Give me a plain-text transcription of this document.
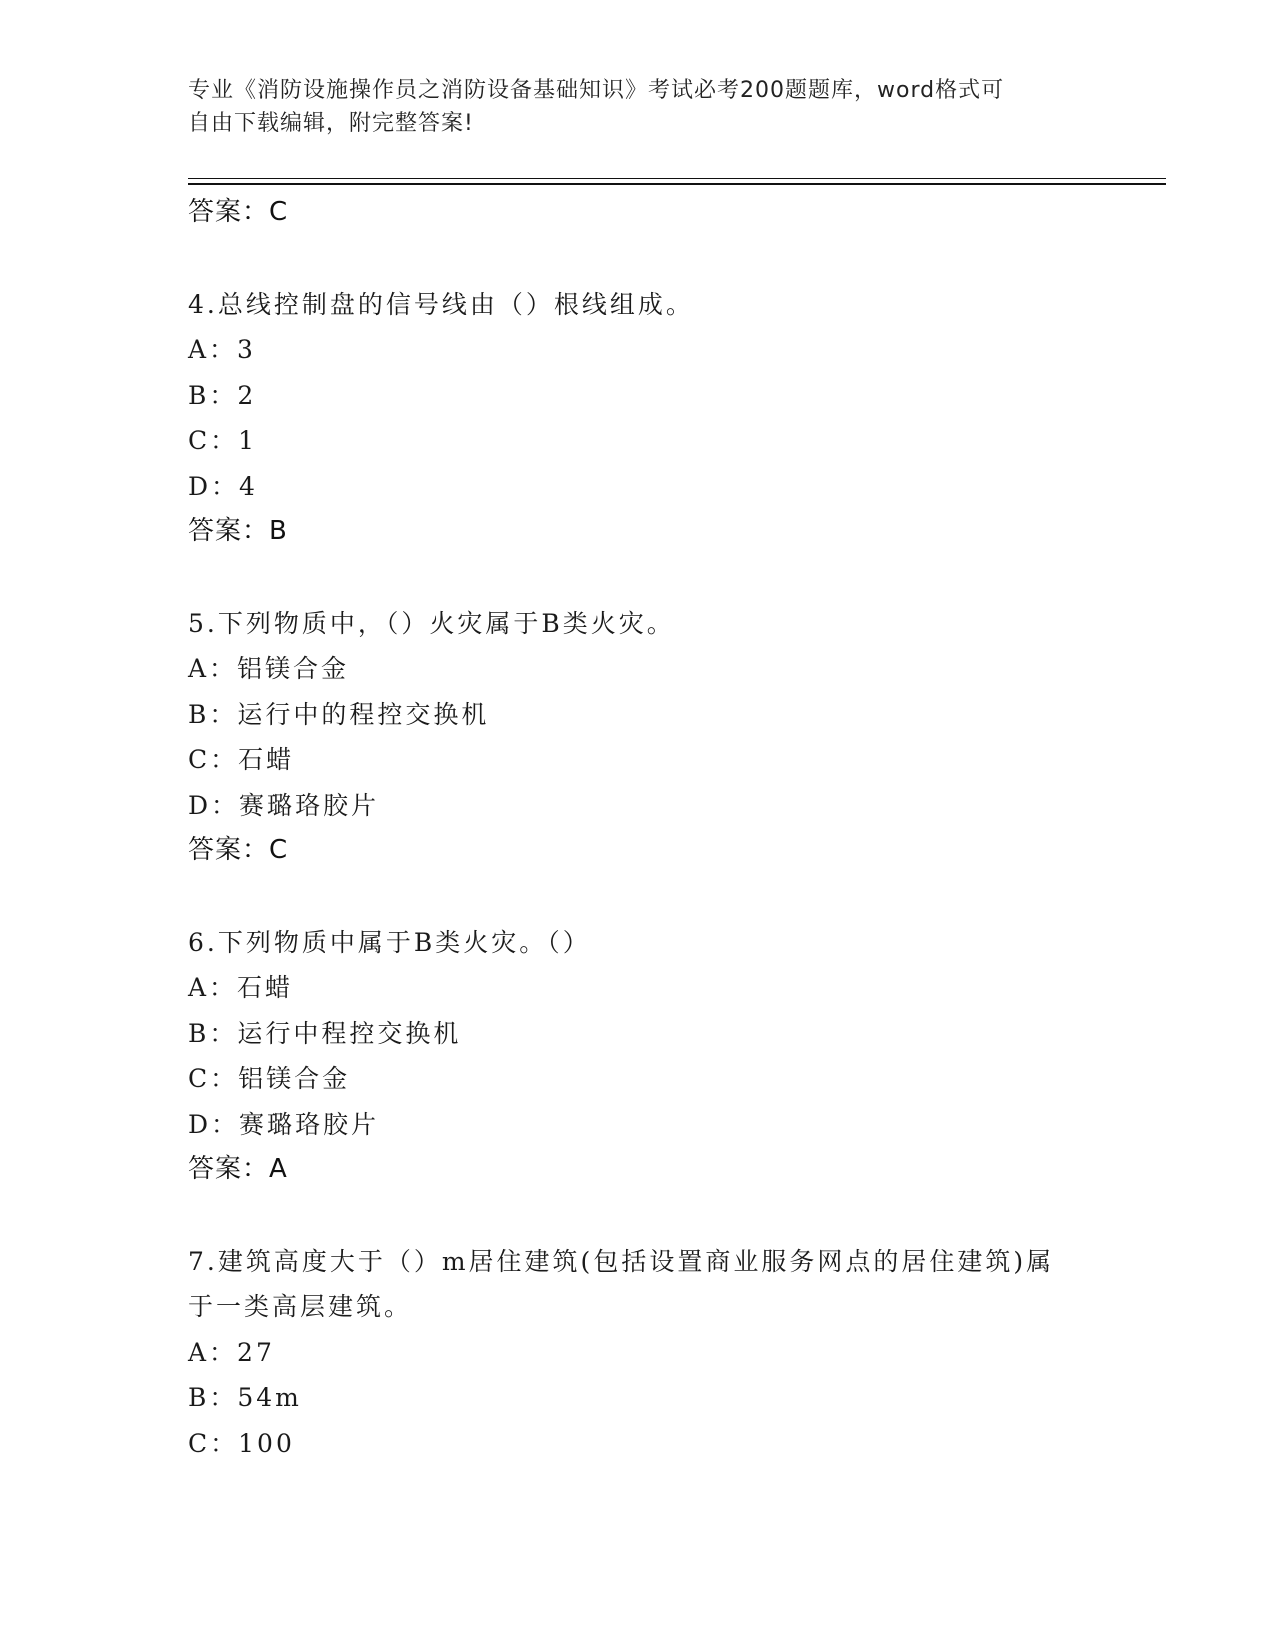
专业《消防设施操作员之消防设备基础知识》考试必考200题题库，word格式可
自由下载编辑，附完整答案!
答案：C
4.总线控制盘的信号线由（）根线组成。
A：3
B：2
C：1
D：4
答案：B
5.下列物质中，（）火灾属于B类火灾。
A：铝镁合金
B：运行中的程控交换机
C：石蜡
D：赛璐珞胶片
答案：C
6.下列物质中属于B类火灾。（）
A：石蜡
B：运行中程控交换机
C：铝镁合金
D：赛璐珞胶片
答案：A
7.建筑高度大于（）m居住建筑(包括设置商业服务网点的居住建筑)属
于一类高层建筑。
A：27
B：54m
C：100
